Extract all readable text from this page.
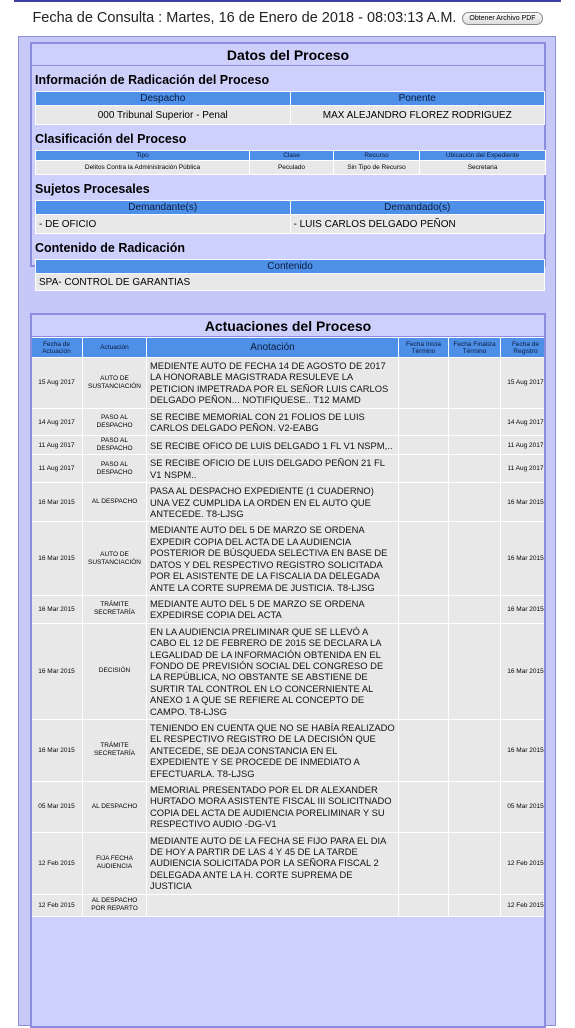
Fecha de Consulta : Martes, 16 de Enero de 2018 - 08:03:13 A.M.	Obtener Archivo PDF
Datos del Proceso
Información de Radicación del Proceso
Despacho	Ponente
000 Tribunal Superior - Penal	MAX ALEJANDRO FLOREZ RODRIGUEZ
Clasificación del Proceso
Tipo	Clase	Recurso	Ubicación del Expediente
Delitos Contra la Administración Pública	Peculado	Sin Tipo de Recurso	Secretaria
Sujetos Procesales
Demandante(s)	Demandado(s)
- DE OFICIO	- LUIS CARLOS DELGADO PEÑON
Contenido de Radicación
Contenido
SPA- CONTROL DE GARANTIAS
Actuaciones del Proceso
Fecha de Actuación	Actuación	Anotación	Fecha Inicia Término	Fecha Finaliza Término	Fecha de Registro
15 Aug 2017	AUTO DE SUSTANCIACIÓN	MEDIENTE AUTO DE FECHA 14 DE AGOSTO DE 2017 LA HONORABLE MAGISTRADA RESULEVE LA PETICION IMPETRADA POR EL SEÑOR LUIS CARLOS DELGADO PEÑON... NOTIFIQUESE.. T12 MAMD			15 Aug 2017
14 Aug 2017	PASO AL DESPACHO	SE RECIBE MEMORIAL CON 21 FOLIOS DE LUIS CARLOS DELGADO PEÑON. V2-EABG			14 Aug 2017
11 Aug 2017	PASO AL DESPACHO	SE RECIBE OFICO DE LUIS DELGADO 1 FL V1 NSPM,..			11 Aug 2017
11 Aug 2017	PASO AL DESPACHO	SE RECIBE OFICIO DE LUIS DELGADO PEÑON 21 FL V1 NSPM..			11 Aug 2017
16 Mar 2015	AL DESPACHO	PASA AL DESPACHO EXPEDIENTE (1 CUADERNO) UNA VEZ CUMPLIDA LA ORDEN EN EL AUTO QUE ANTECEDE. T8-LJSG			16 Mar 2015
16 Mar 2015	AUTO DE SUSTANCIACIÓN	MEDIANTE AUTO DEL 5 DE MARZO SE ORDENA EXPEDIR COPIA DEL ACTA DE LA AUDIENCIA POSTERIOR DE BÚSQUEDA SELECTIVA EN BASE DE DATOS Y DEL RESPECTIVO REGISTRO SOLICITADA POR EL ASISTENTE DE LA FISCALIA DA DELEGADA ANTE LA CORTE SUPREMA DE JUSTICIA. T8-LJSG			16 Mar 2015
16 Mar 2015	TRÁMITE SECRETARÍA	MEDIANTE AUTO DEL 5 DE MARZO SE ORDENA EXPEDIRSE COPIA DEL ACTA			16 Mar 2015
16 Mar 2015	DECISIÓN	EN LA AUDIENCIA PRELIMINAR QUE SE LLEVÓ A CABO EL 12 DE FEBRERO DE 2015 SE DECLARA LA LEGALIDAD DE LA INFORMACIÓN OBTENIDA EN EL FONDO DE PREVISIÓN SOCIAL DEL CONGRESO DE LA REPÚBLICA, NO OBSTANTE SE ABSTIENE DE SURTIR TAL CONTROL EN LO CONCERNIENTE AL ANEXO 1 A QUE SE REFIERE AL CONCEPTO DE CAMPO. T8-LJSG			16 Mar 2015
16 Mar 2015	TRÁMITE SECRETARÍA	TENIENDO EN CUENTA QUE NO SE HABÍA REALIZADO EL RESPECTIVO REGISTRO DE LA DECISIÓN QUE ANTECEDE, SE DEJA CONSTANCIA EN EL EXPEDIENTE Y SE PROCEDE DE INMEDIATO A EFECTUARLA. T8-LJSG			16 Mar 2015
05 Mar 2015	AL DESPACHO	MEMORIAL PRESENTADO POR EL DR ALEXANDER HURTADO MORA ASISTENTE FISCAL III SOLICITNADO COPIA DEL ACTA DE AUDIENCIA PORELIMINAR Y SU RESPECTIVO AUDIO -DG-V1			05 Mar 2015
12 Feb 2015	FIJA FECHA AUDIENCIA	MEDIANTE AUTO DE LA FECHA SE FIJO PARA EL DIA DE HOY A PARTIR DE LAS 4 Y 45 DE LA TARDE AUDIENCIA SOLICITADA POR LA SEÑORA FISCAL 2 DELEGADA ANTE LA H. CORTE SUPREMA DE JUSTICIA			12 Feb 2015
12 Feb 2015	AL DESPACHO POR REPARTO				12 Feb 2015
